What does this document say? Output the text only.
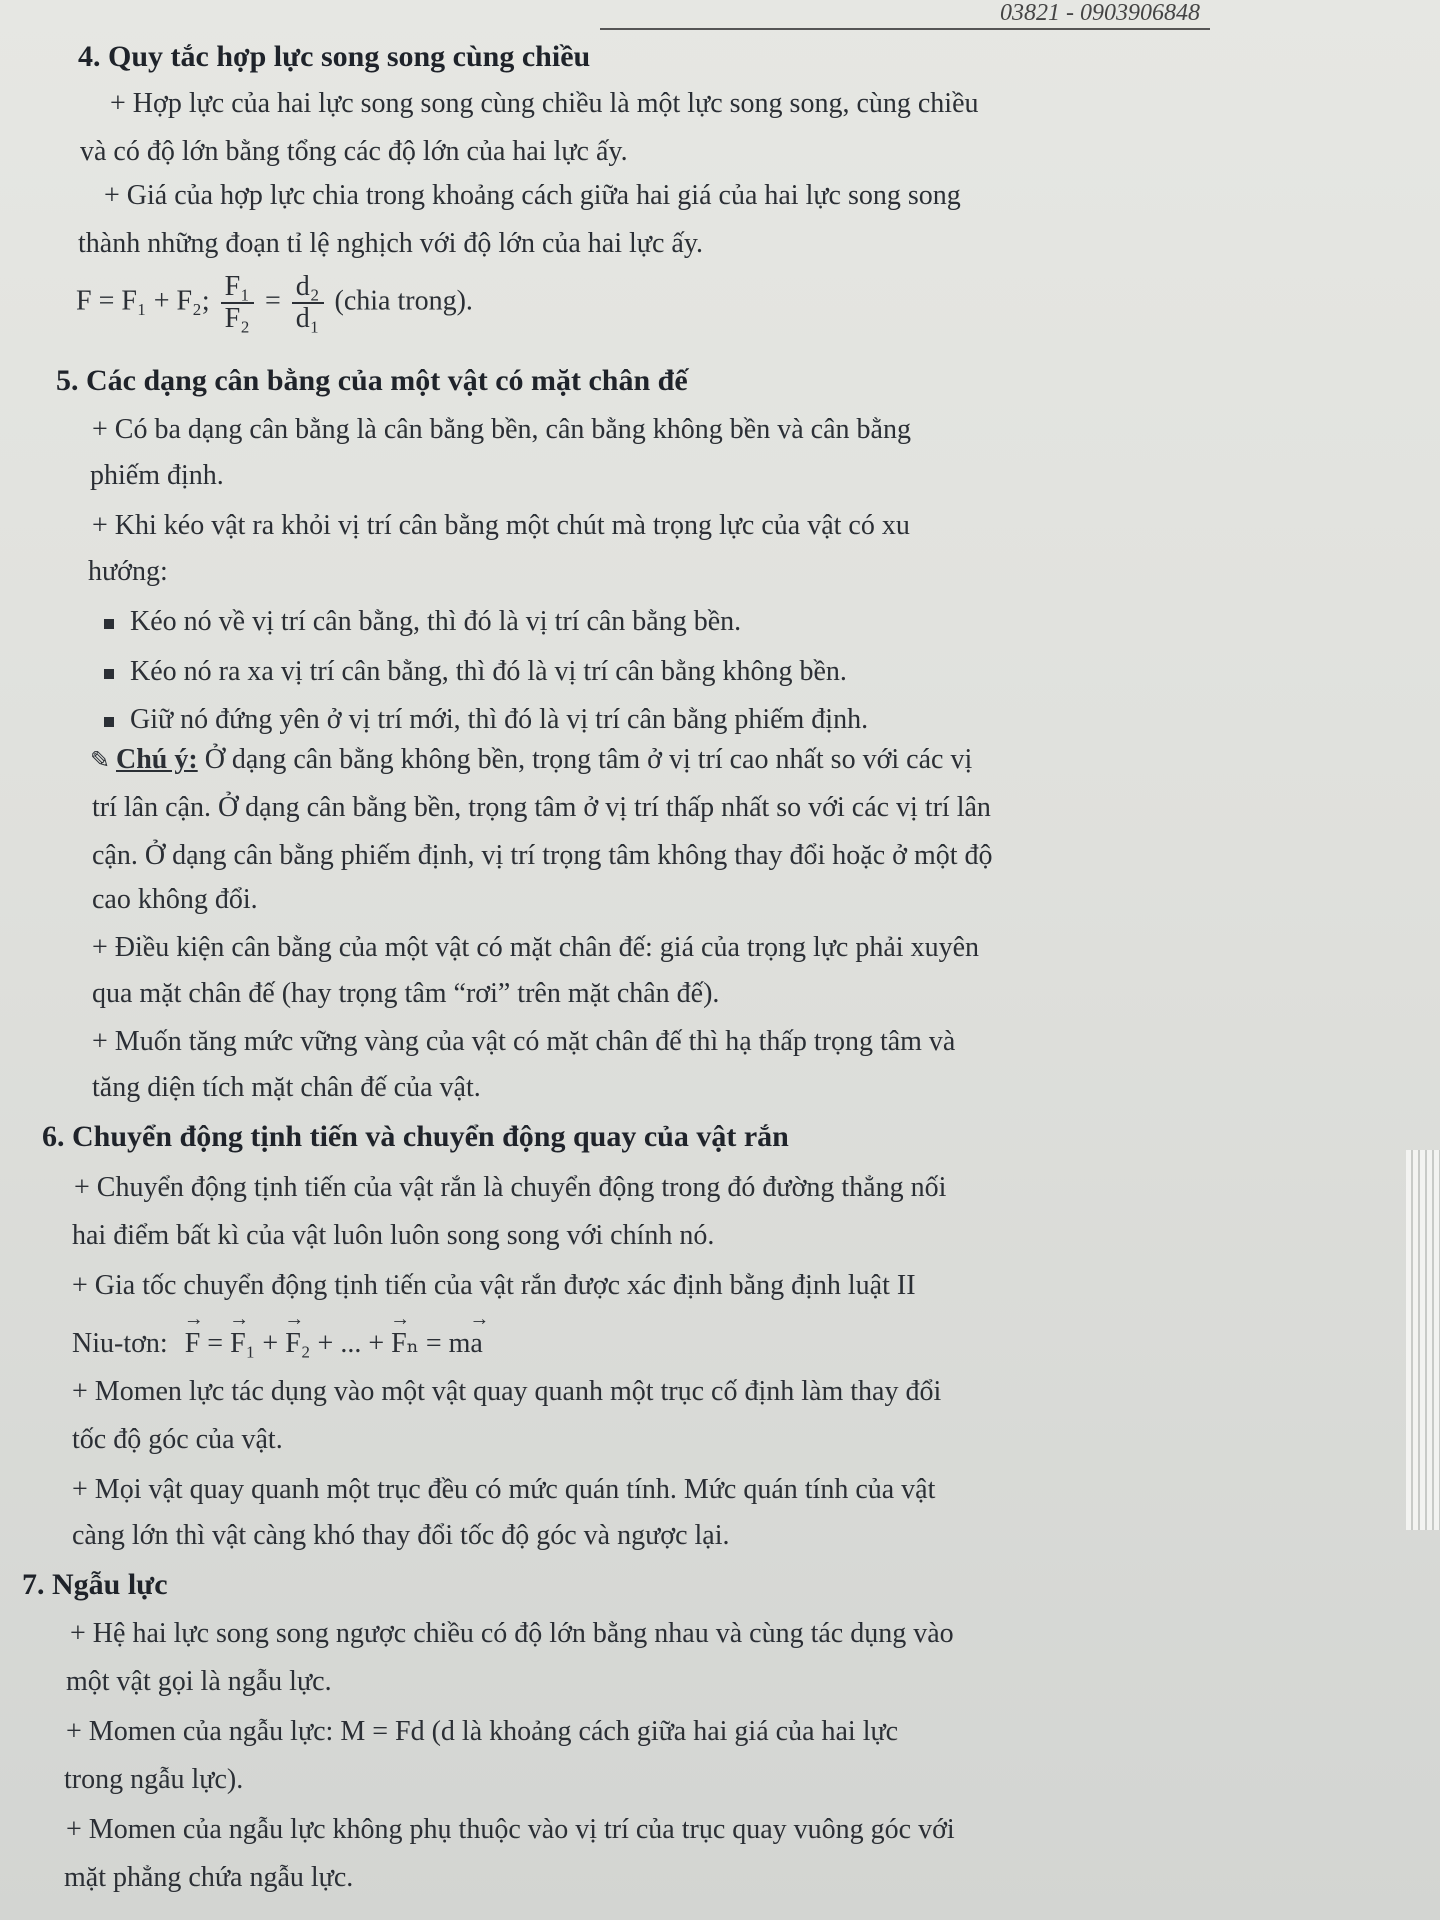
03821 - 0903906848
4. Quy tắc hợp lực song song cùng chiều
+ Hợp lực của hai lực song song cùng chiều là một lực song song, cùng chiều
và có độ lớn bằng tổng các độ lớn của hai lực ấy.
+ Giá của hợp lực chia trong khoảng cách giữa hai giá của hai lực song song
thành những đoạn tỉ lệ nghịch với độ lớn của hai lực ấy.
F = F₁ + F₂; $\frac{\text{F₁}}{\text{F₂}} = \frac{\text{d₂}}{\text{d₁}}$ (chia trong).
5. Các dạng cân bằng của một vật có mặt chân đế
+ Có ba dạng cân bằng là cân bằng bền, cân bằng không bền và cân bằng
phiếm định.
+ Khi kéo vật ra khỏi vị trí cân bằng một chút mà trọng lực của vật có xu
hướng:
Kéo nó về vị trí cân bằng, thì đó là vị trí cân bằng bền.
Kéo nó ra xa vị trí cân bằng, thì đó là vị trí cân bằng không bền.
Giữ nó đứng yên ở vị trí mới, thì đó là vị trí cân bằng phiếm định.
✎ Chú ý: Ở dạng cân bằng không bền, trọng tâm ở vị trí cao nhất so với các vị
trí lân cận. Ở dạng cân bằng bền, trọng tâm ở vị trí thấp nhất so với các vị trí lân
cận. Ở dạng cân bằng phiếm định, vị trí trọng tâm không thay đổi hoặc ở một độ
cao không đổi.
+ Điều kiện cân bằng của một vật có mặt chân đế: giá của trọng lực phải xuyên
qua mặt chân đế (hay trọng tâm “rơi” trên mặt chân đế).
+ Muốn tăng mức vững vàng của vật có mặt chân đế thì hạ thấp trọng tâm và
tăng diện tích mặt chân đế của vật.
6. Chuyển động tịnh tiến và chuyển động quay của vật rắn
+ Chuyển động tịnh tiến của vật rắn là chuyển động trong đó đường thẳng nối
hai điểm bất kì của vật luôn luôn song song với chính nó.
+ Gia tốc chuyển động tịnh tiến của vật rắn được xác định bằng định luật II
Niu-tơn: → F = → F₁ + → F₂ + ... + → Fₙ = m→ a
+ Momen lực tác dụng vào một vật quay quanh một trục cố định làm thay đổi
tốc độ góc của vật.
+ Mọi vật quay quanh một trục đều có mức quán tính. Mức quán tính của vật
càng lớn thì vật càng khó thay đổi tốc độ góc và ngược lại.
7. Ngẫu lực
+ Hệ hai lực song song ngược chiều có độ lớn bằng nhau và cùng tác dụng vào
một vật gọi là ngẫu lực.
+ Momen của ngẫu lực: M = Fd (d là khoảng cách giữa hai giá của hai lực
trong ngẫu lực).
+ Momen của ngẫu lực không phụ thuộc vào vị trí của trục quay vuông góc với
mặt phẳng chứa ngẫu lực.
